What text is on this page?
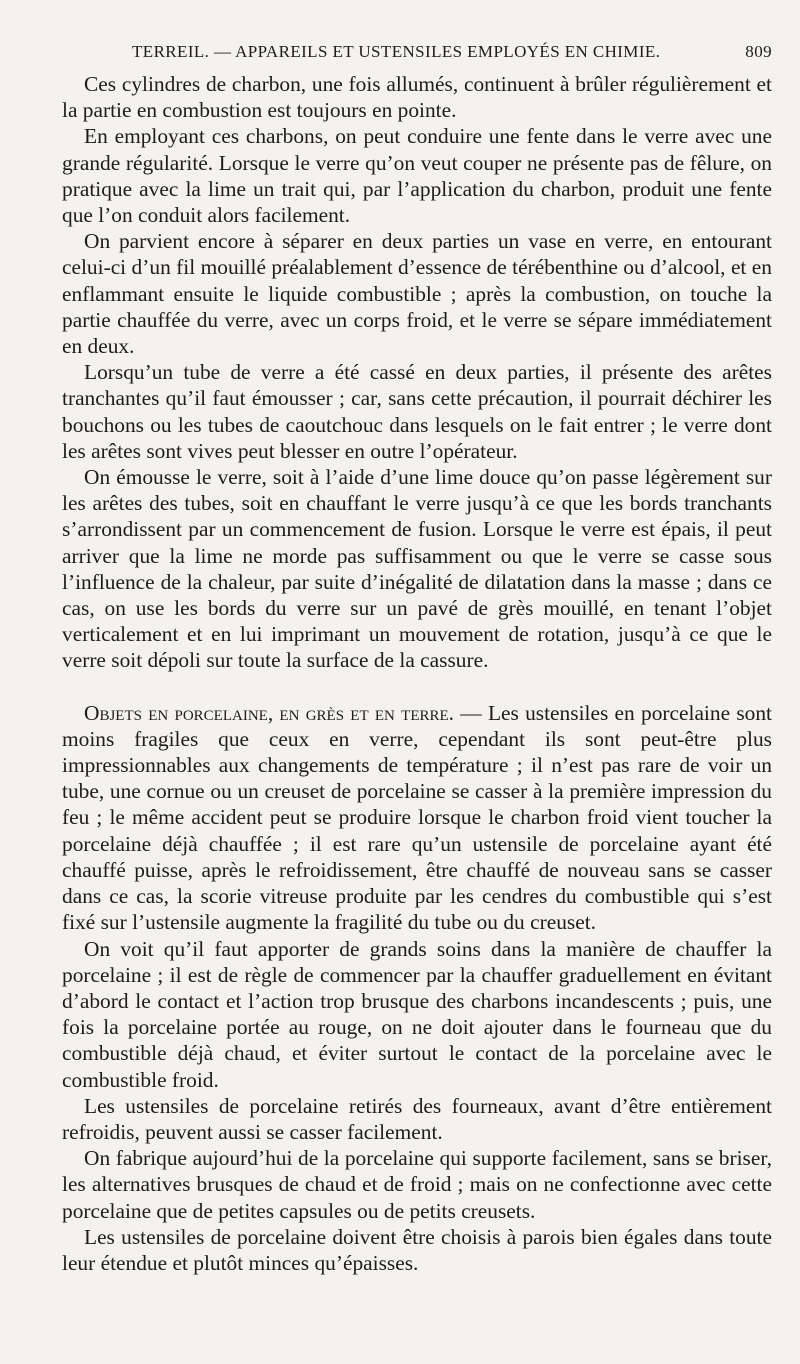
TERREIL. — APPAREILS ET USTENSILES EMPLOYÉS EN CHIMIE.	809

Ces cylindres de charbon, une fois allumés, continuent à brûler régulièrement et la partie en combustion est toujours en pointe.

En employant ces charbons, on peut conduire une fente dans le verre avec une grande régularité. Lorsque le verre qu’on veut couper ne présente pas de fêlure, on pratique avec la lime un trait qui, par l’application du charbon, produit une fente que l’on conduit alors facilement.

On parvient encore à séparer en deux parties un vase en verre, en entourant celui-ci d’un fil mouillé préalablement d’essence de térébenthine ou d’alcool, et en enflammant ensuite le liquide combustible ; après la combustion, on touche la partie chauffée du verre, avec un corps froid, et le verre se sépare immédiatement en deux.

Lorsqu’un tube de verre a été cassé en deux parties, il présente des arêtes tranchantes qu’il faut émousser ; car, sans cette précaution, il pourrait déchirer les bouchons ou les tubes de caoutchouc dans lesquels on le fait entrer ; le verre dont les arêtes sont vives peut blesser en outre l’opérateur.

On émousse le verre, soit à l’aide d’une lime douce qu’on passe légèrement sur les arêtes des tubes, soit en chauffant le verre jusqu’à ce que les bords tranchants s’arrondissent par un commencement de fusion. Lorsque le verre est épais, il peut arriver que la lime ne morde pas suffisamment ou que le verre se casse sous l’influence de la chaleur, par suite d’inégalité de dilatation dans la masse ; dans ce cas, on use les bords du verre sur un pavé de grès mouillé, en tenant l’objet verticalement et en lui imprimant un mouvement de rotation, jusqu’à ce que le verre soit dépoli sur toute la surface de la cassure.

Objets en porcelaine, en grès et en terre. — Les ustensiles en porcelaine sont moins fragiles que ceux en verre, cependant ils sont peut-être plus impressionnables aux changements de température ; il n’est pas rare de voir un tube, une cornue ou un creuset de porcelaine se casser à la première impression du feu ; le même accident peut se produire lorsque le charbon froid vient toucher la porcelaine déjà chauffée ; il est rare qu’un ustensile de porcelaine ayant été chauffé puisse, après le refroidissement, être chauffé de nouveau sans se casser dans ce cas, la scorie vitreuse produite par les cendres du combustible qui s’est fixé sur l’ustensile augmente la fragilité du tube ou du creuset.

On voit qu’il faut apporter de grands soins dans la manière de chauffer la porcelaine ; il est de règle de commencer par la chauffer graduellement en évitant d’abord le contact et l’action trop brusque des charbons incandescents ; puis, une fois la porcelaine portée au rouge, on ne doit ajouter dans le fourneau que du combustible déjà chaud, et éviter surtout le contact de la porcelaine avec le combustible froid.

Les ustensiles de porcelaine retirés des fourneaux, avant d’être entièrement refroidis, peuvent aussi se casser facilement.

On fabrique aujourd’hui de la porcelaine qui supporte facilement, sans se briser, les alternatives brusques de chaud et de froid ; mais on ne confectionne avec cette porcelaine que de petites capsules ou de petits creusets.

Les ustensiles de porcelaine doivent être choisis à parois bien égales dans toute leur étendue et plutôt minces qu’épaisses.
